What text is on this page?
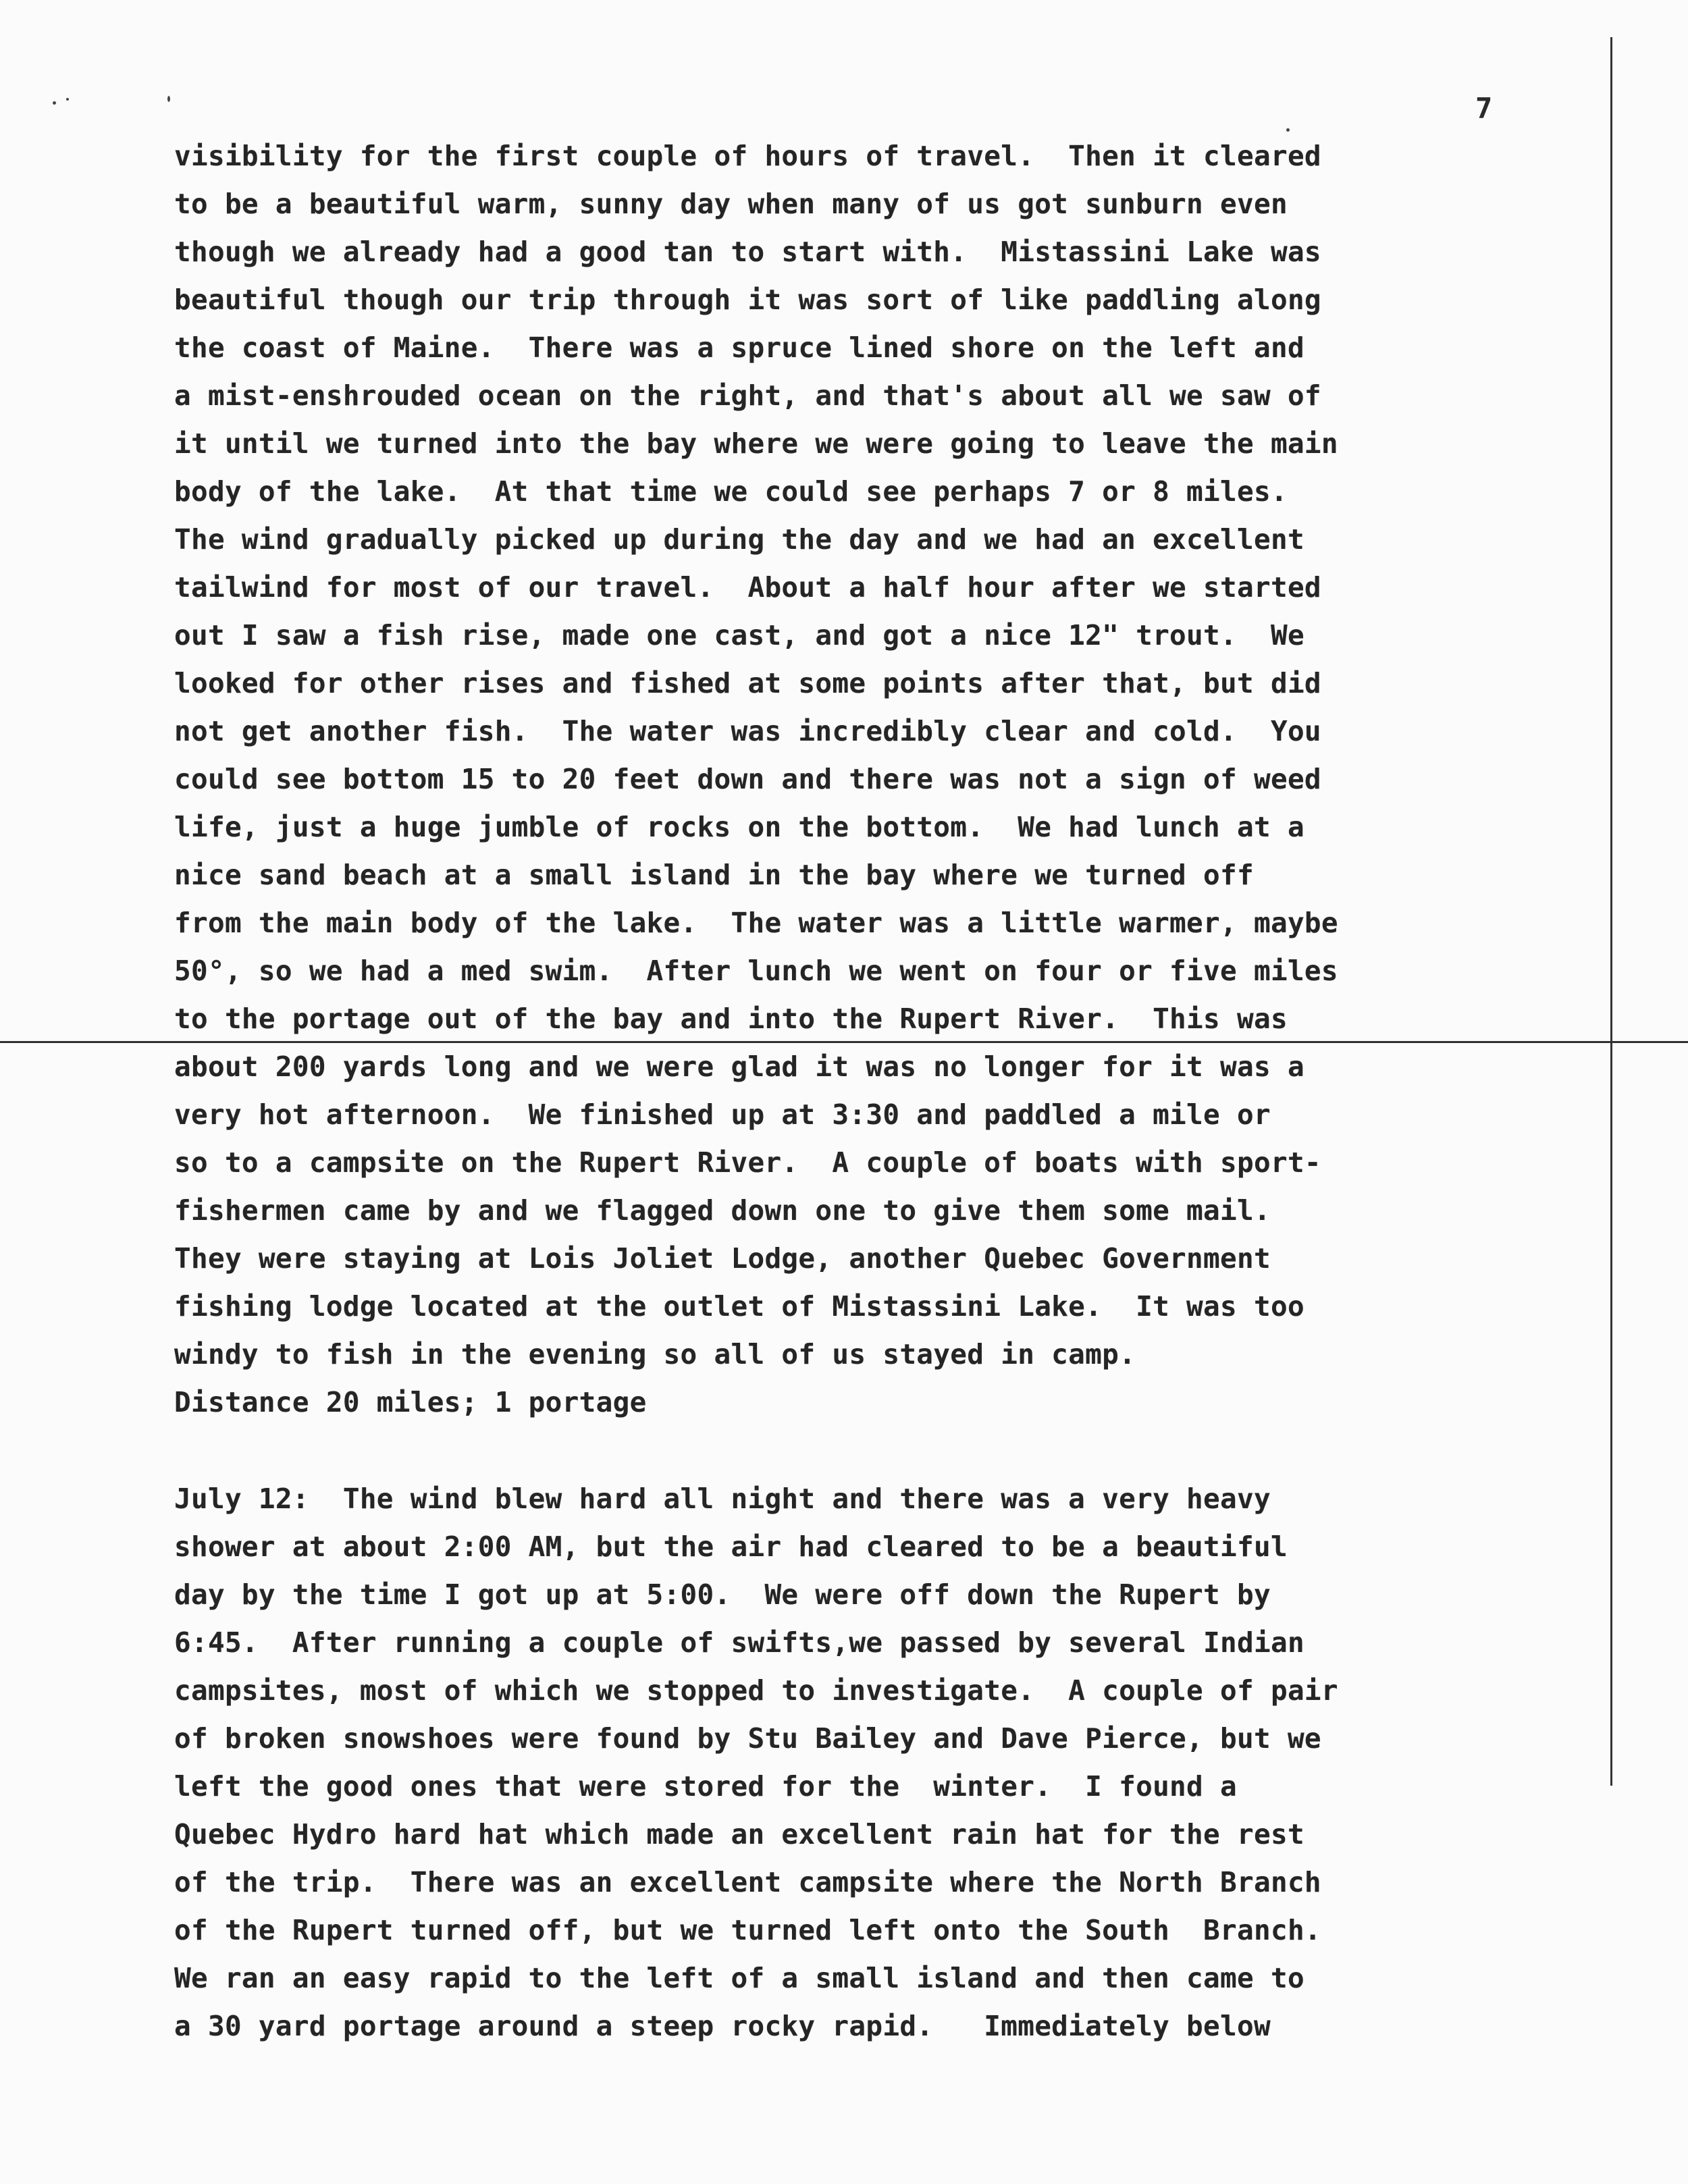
7
visibility for the first couple of hours of travel.  Then it cleared
to be a beautiful warm, sunny day when many of us got sunburn even
though we already had a good tan to start with.  Mistassini Lake was
beautiful though our trip through it was sort of like paddling along
the coast of Maine.  There was a spruce lined shore on the left and
a mist-enshrouded ocean on the right, and that's about all we saw of
it until we turned into the bay where we were going to leave the main
body of the lake.  At that time we could see perhaps 7 or 8 miles.
The wind gradually picked up during the day and we had an excellent
tailwind for most of our travel.  About a half hour after we started
out I saw a fish rise, made one cast, and got a nice 12" trout.  We
looked for other rises and fished at some points after that, but did
not get another fish.  The water was incredibly clear and cold.  You
could see bottom 15 to 20 feet down and there was not a sign of weed
life, just a huge jumble of rocks on the bottom.  We had lunch at a
nice sand beach at a small island in the bay where we turned off
from the main body of the lake.  The water was a little warmer, maybe
50°, so we had a med swim.  After lunch we went on four or five miles
to the portage out of the bay and into the Rupert River.  This was
about 200 yards long and we were glad it was no longer for it was a
very hot afternoon.  We finished up at 3:30 and paddled a mile or
so to a campsite on the Rupert River.  A couple of boats with sport-
fishermen came by and we flagged down one to give them some mail.
They were staying at Lois Joliet Lodge, another Quebec Government
fishing lodge located at the outlet of Mistassini Lake.  It was too
windy to fish in the evening so all of us stayed in camp.
Distance 20 miles; 1 portage
July 12:  The wind blew hard all night and there was a very heavy
shower at about 2:00 AM, but the air had cleared to be a beautiful
day by the time I got up at 5:00.  We were off down the Rupert by
6:45.  After running a couple of swifts,we passed by several Indian
campsites, most of which we stopped to investigate.  A couple of pair
of broken snowshoes were found by Stu Bailey and Dave Pierce, but we
left the good ones that were stored for the  winter.  I found a
Quebec Hydro hard hat which made an excellent rain hat for the rest
of the trip.  There was an excellent campsite where the North Branch
of the Rupert turned off, but we turned left onto the South  Branch.
We ran an easy rapid to the left of a small island and then came to
a 30 yard portage around a steep rocky rapid.   Immediately below
